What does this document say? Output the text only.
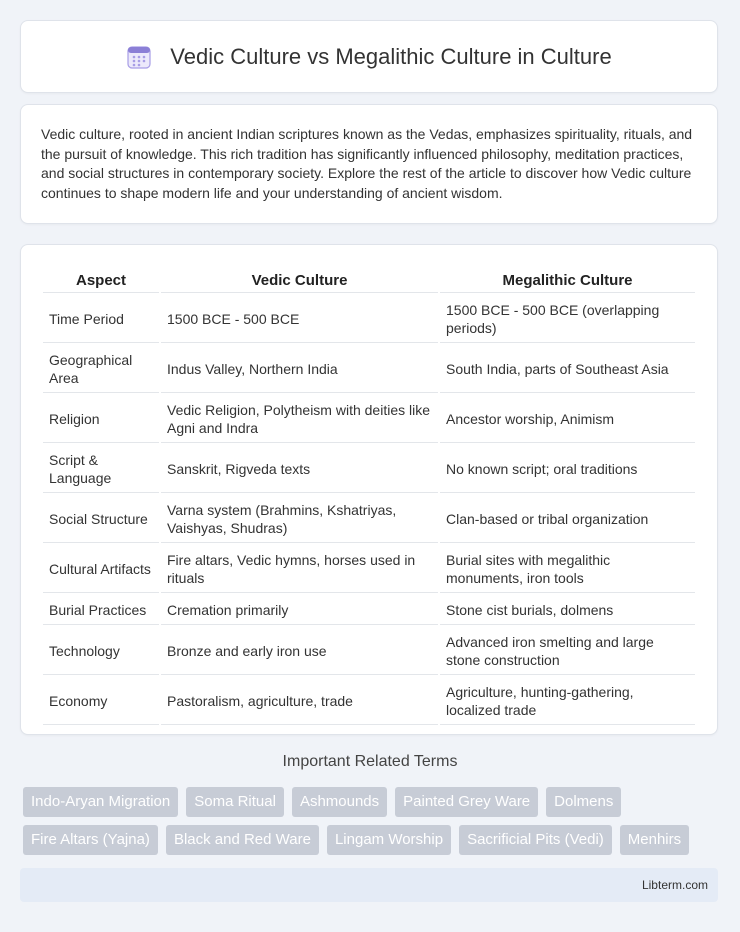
Vedic Culture vs Megalithic Culture in Culture

Vedic culture, rooted in ancient Indian scriptures known as the Vedas, emphasizes spirituality, rituals, and the pursuit of knowledge. This rich tradition has significantly influenced philosophy, meditation practices, and social structures in contemporary society. Explore the rest of the article to discover how Vedic culture continues to shape modern life and your understanding of ancient wisdom.

Aspect	Vedic Culture	Megalithic Culture
Time Period	1500 BCE - 500 BCE	1500 BCE - 500 BCE (overlapping periods)
Geographical Area	Indus Valley, Northern India	South India, parts of Southeast Asia
Religion	Vedic Religion, Polytheism with deities like Agni and Indra	Ancestor worship, Animism
Script & Language	Sanskrit, Rigveda texts	No known script; oral traditions
Social Structure	Varna system (Brahmins, Kshatriyas, Vaishyas, Shudras)	Clan-based or tribal organization
Cultural Artifacts	Fire altars, Vedic hymns, horses used in rituals	Burial sites with megalithic monuments, iron tools
Burial Practices	Cremation primarily	Stone cist burials, dolmens
Technology	Bronze and early iron use	Advanced iron smelting and large stone construction
Economy	Pastoralism, agriculture, trade	Agriculture, hunting-gathering, localized trade
Important Related Terms
Indo-Aryan Migration	Soma Ritual	Ashmounds	Painted Grey Ware	Dolmens
Fire Altars (Yajna)	Black and Red Ware	Lingam Worship	Sacrificial Pits (Vedi)	Menhirs
Libterm.com
